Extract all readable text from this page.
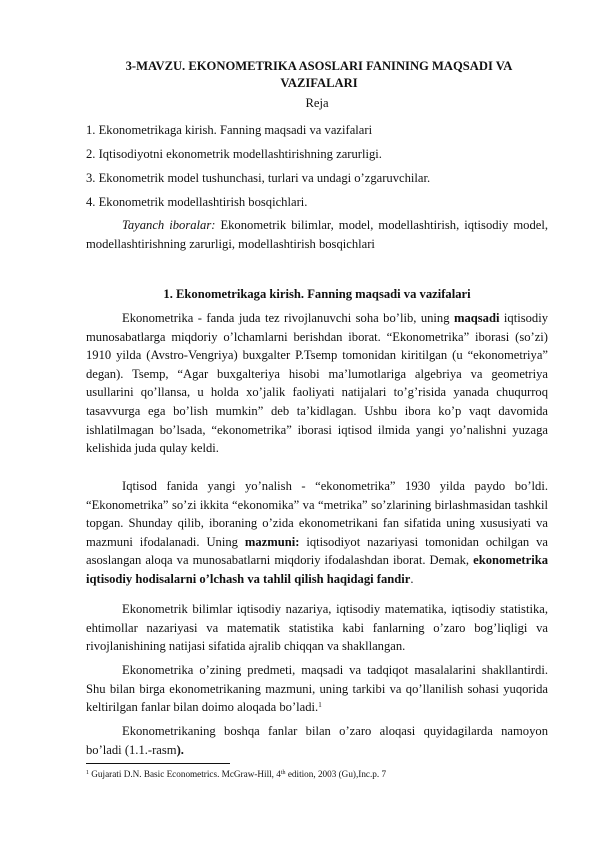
3-MAVZU. EKONOMETRIKA ASOSLARI FANINING MAQSADI VA VAZIFALARI
Reja
1. Ekonometrikaga kirish. Fanning maqsadi va vazifalari
2. Iqtisodiyotni ekonometrik modellashtirishning zarurligi.
3. Ekonometrik model tushunchasi, turlari va undagi o’zgaruvchilar.
4. Ekonometrik modellashtirish bosqichlari.
Tayanch iboralar: Ekonometrik bilimlar, model, modellashtirish, iqtisodiy model, modellashtirishning zarurligi, modellashtirish bosqichlari
1. Ekonometrikaga kirish. Fanning maqsadi va vazifalari
Ekonometrika - fanda juda tez rivojlanuvchi soha bo’lib, uning maqsadi iqtisodiy munosabatlarga miqdoriy o’lchamlarni berishdan iborat. “Ekonometrika” iborasi (so’zi) 1910 yilda (Avstro-Vengriya) buxgalter P.Tsemp tomonidan kiritilgan (u “ekonometriya” degan). Tsemp, “Agar buxgalteriya hisobi ma’lumotlariga algebriya va geometriya usullarini qo’llansa, u holda xo’jalik faoliyati natijalari to’g’risida yanada chuqurroq tasavvurga ega bo’lish mumkin” deb ta’kidlagan. Ushbu ibora ko’p vaqt davomida ishlatilmagan bo’lsada, “ekonometrika” iborasi iqtisod ilmida yangi yo’nalishni yuzaga kelishida juda qulay keldi.
Iqtisod fanida yangi yo’nalish - “ekonometrika” 1930 yilda paydo bo’ldi. “Ekonometrika” so’zi ikkita “ekonomika” va “metrika” so’zlarining birlashmasidan tashkil topgan. Shunday qilib, iboraning o’zida ekonometrikani fan sifatida uning xususiyati va mazmuni ifodalanadi. Uning mazmuni: iqtisodiyot nazariyasi tomonidan ochilgan va asoslangan aloqa va munosabatlarni miqdoriy ifodalashdan iborat. Demak, ekonometrika iqtisodiy hodisalarni o’lchash va tahlil qilish haqidagi fandir.
Ekonometrik bilimlar iqtisodiy nazariya, iqtisodiy matematika, iqtisodiy statistika, ehtimollar nazariyasi va matematik statistika kabi fanlarning o’zaro bog’liqligi va rivojlanishining natijasi sifatida ajralib chiqqan va shakllangan.
Ekonometrika o’zining predmeti, maqsadi va tadqiqot masalalarini shakllantirdi. Shu bilan birga ekonometrikaning mazmuni, uning tarkibi va qo’llanilish sohasi yuqorida keltirilgan fanlar bilan doimo aloqada bo’ladi.$^1$
Ekonometrikaning boshqa fanlar bilan o’zaro aloqasi quyidagilarda namoyon bo’ladi (1.1.-rasm).
$^1$ Gujarati D.N. Basic Econometrics. McGraw-Hill, 4th edition, 2003 (Gu),Inc.p. 7
